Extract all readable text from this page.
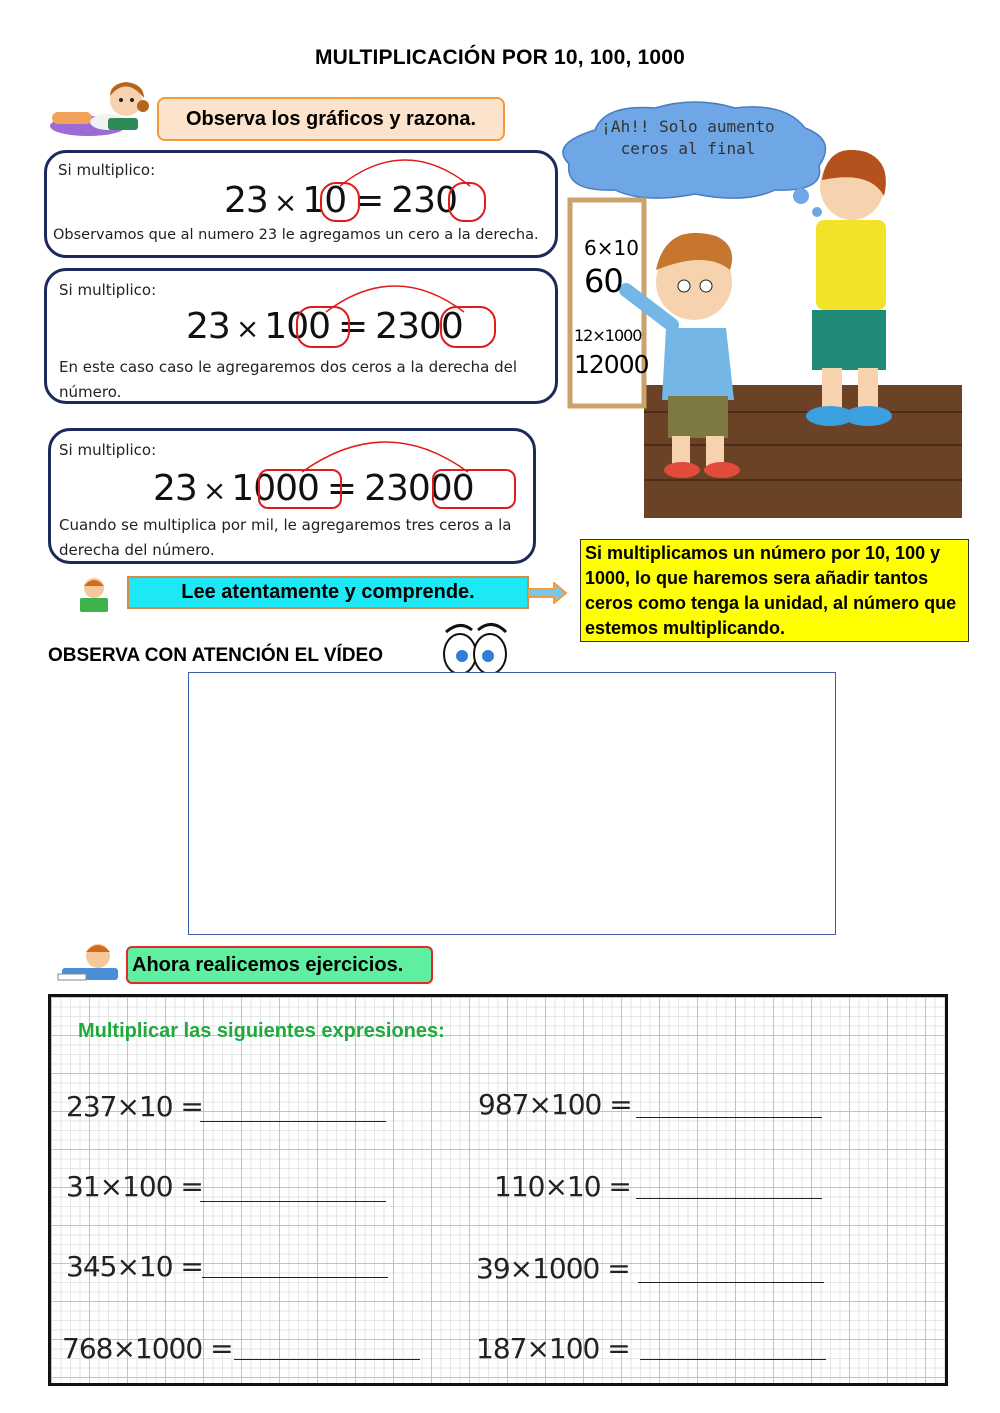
MULTIPLICACIÓN POR 10, 100, 1000
Observa los gráficos y razona.
Si multiplico:
Observamos que al numero 23 le agregamos un cero a la derecha.
23 × 10 = 230
Si multiplico:
En este caso caso le agregaremos dos ceros a la derecha del número.
23 × 100 = 2300
Si multiplico:
Cuando se multiplica por mil, le agregaremos tres ceros a la derecha del número.
23 × 1000 = 23000
¡Ah!! Solo aumento ceros al final
6×10
60
12×1000
12000
Lee atentamente y comprende.
Si multiplicamos un número por 10, 100 y 1000, lo que haremos sera añadir tantos ceros como tenga la unidad, al número que estemos multiplicando.
OBSERVA CON ATENCIÓN EL VÍDEO
Ahora realicemos ejercicios.
Multiplicar las siguientes expresiones:
237×10 =	987×100 =
31×100 =	110×10 =
345×10 =	39×1000 =
768×1000 =	187×100 =
